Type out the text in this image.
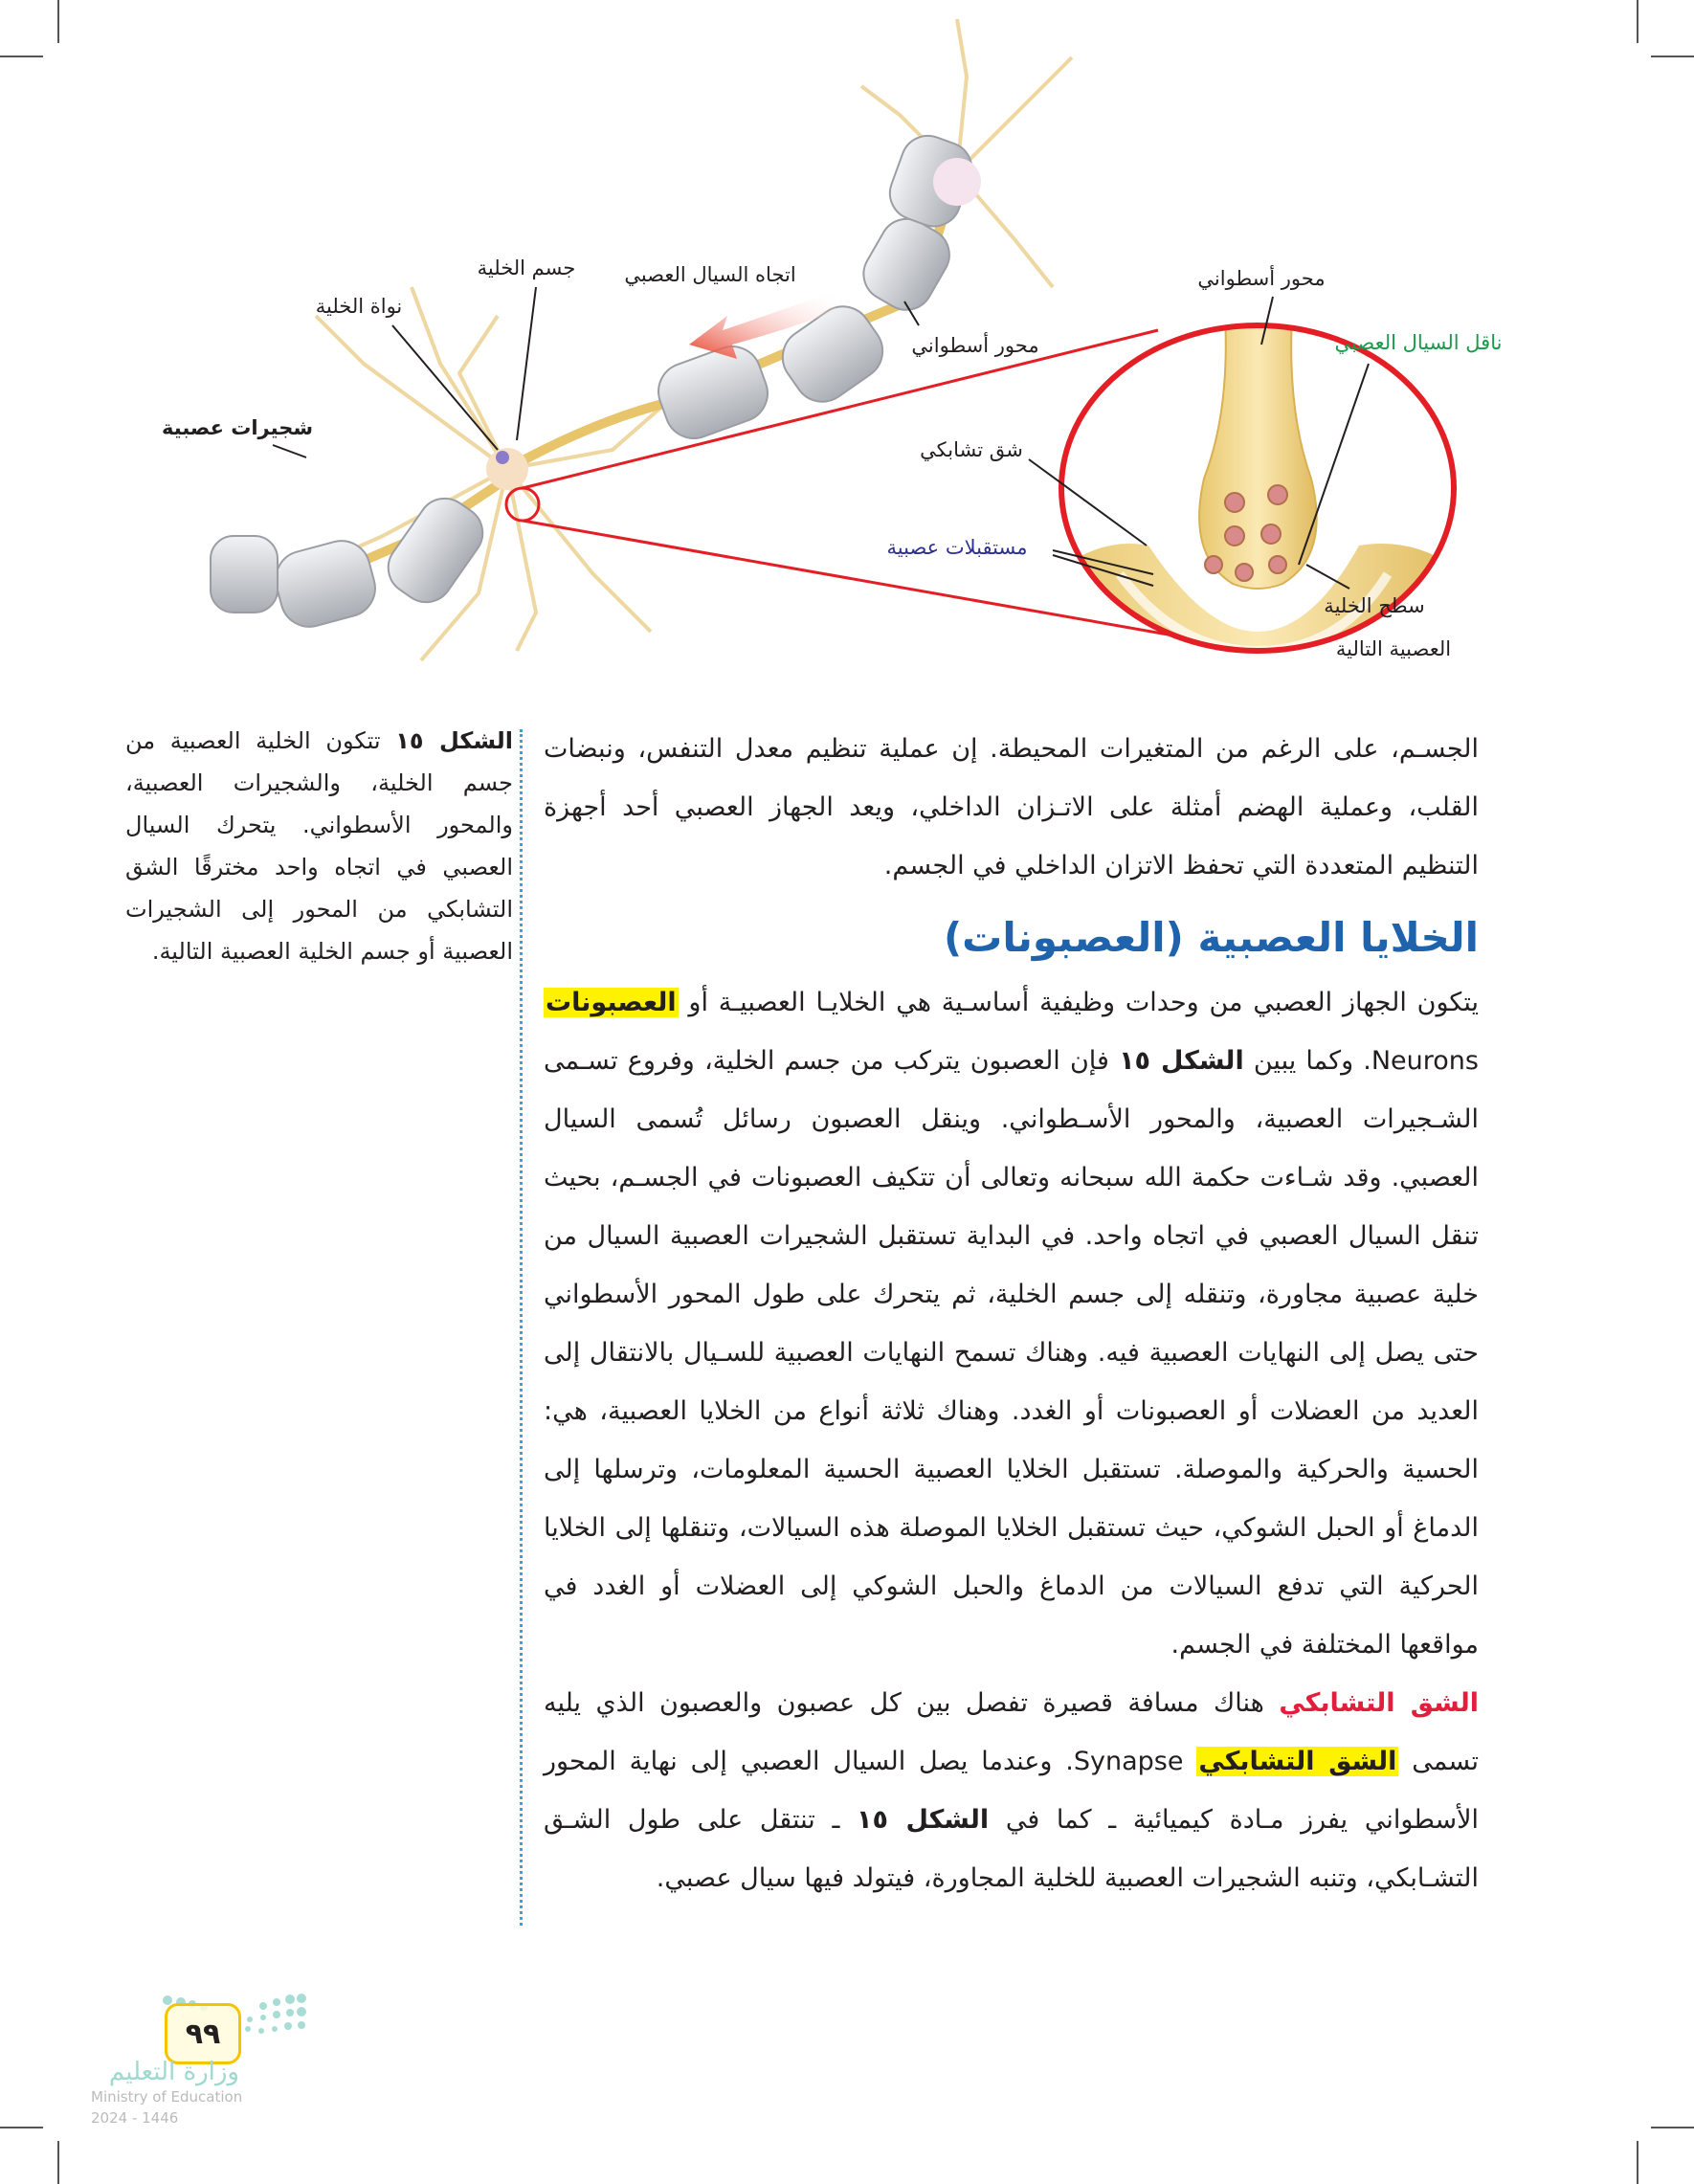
جسم الخلية
نواة الخلية
اتجاه السيال العصبي
شجيرات عصبية
محور أسطواني
محور أسطواني
ناقل السيال العصبي
شق تشابكي
مستقبلات عصبية
سطح الخلية
العصبية التالية

الجسـم، على الرغم من المتغيرات المحيطة. إن عملية تنظيم معدل التنفس، ونبضات القلب، وعملية الهضم أمثلة على الاتـزان الداخلي، ويعد الجهاز العصبي أحد أجهزة التنظيم المتعددة التي تحفظ الاتزان الداخلي في الجسم.

الخلايا العصبية (العصبونات)

يتكون الجهاز العصبي من وحدات وظيفية أساسـية هي الخلايـا العصبيـة أو العصبونات Neurons. وكما يبين الشكل ١٥ فإن العصبون يتركب من جسم الخلية، وفروع تسـمى الشـجيرات العصبية، والمحور الأسـطواني. وينقل العصبون رسائل تُسمى السيال العصبي. وقد شـاءت حكمة الله سبحانه وتعالى أن تتكيف العصبونات في الجسـم، بحيث تنقل السيال العصبي في اتجاه واحد. في البداية تستقبل الشجيرات العصبية السيال من خلية عصبية مجاورة، وتنقله إلى جسم الخلية، ثم يتحرك على طول المحور الأسطواني حتى يصل إلى النهايات العصبية فيه. وهناك تسمح النهايات العصبية للسـيال بالانتقال إلى العديد من العضلات أو العصبونات أو الغدد. وهناك ثلاثة أنواع من الخلايا العصبية، هي: الحسية والحركية والموصلة. تستقبل الخلايا العصبية الحسية المعلومات، وترسلها إلى الدماغ أو الحبل الشوكي، حيث تستقبل الخلايا الموصلة هذه السيالات، وتنقلها إلى الخلايا الحركية التي تدفع السيالات من الدماغ والحبل الشوكي إلى العضلات أو الغدد في مواقعها المختلفة في الجسم.

الشق التشابكي هناك مسافة قصيرة تفصل بين كل عصبون والعصبون الذي يليه تسمى الشق التشابكي Synapse. وعندما يصل السيال العصبي إلى نهاية المحور الأسطواني يفرز مـادة كيميائية ـ كما في الشكل ١٥ ـ تنتقل على طول الشـق التشـابكي، وتنبه الشجيرات العصبية للخلية المجاورة، فيتولد فيها سيال عصبي.

الشكل ١٥ تتكون الخلية العصبية من جسم الخلية، والشجيرات العصبية، والمحور الأسطواني. يتحرك السيال العصبي في اتجاه واحد مخترقًا الشق التشابكي من المحور إلى الشجيرات العصبية أو جسم الخلية العصبية التالية.

٩٩
وزارة التعليم
Ministry of Education
2024 - 1446
